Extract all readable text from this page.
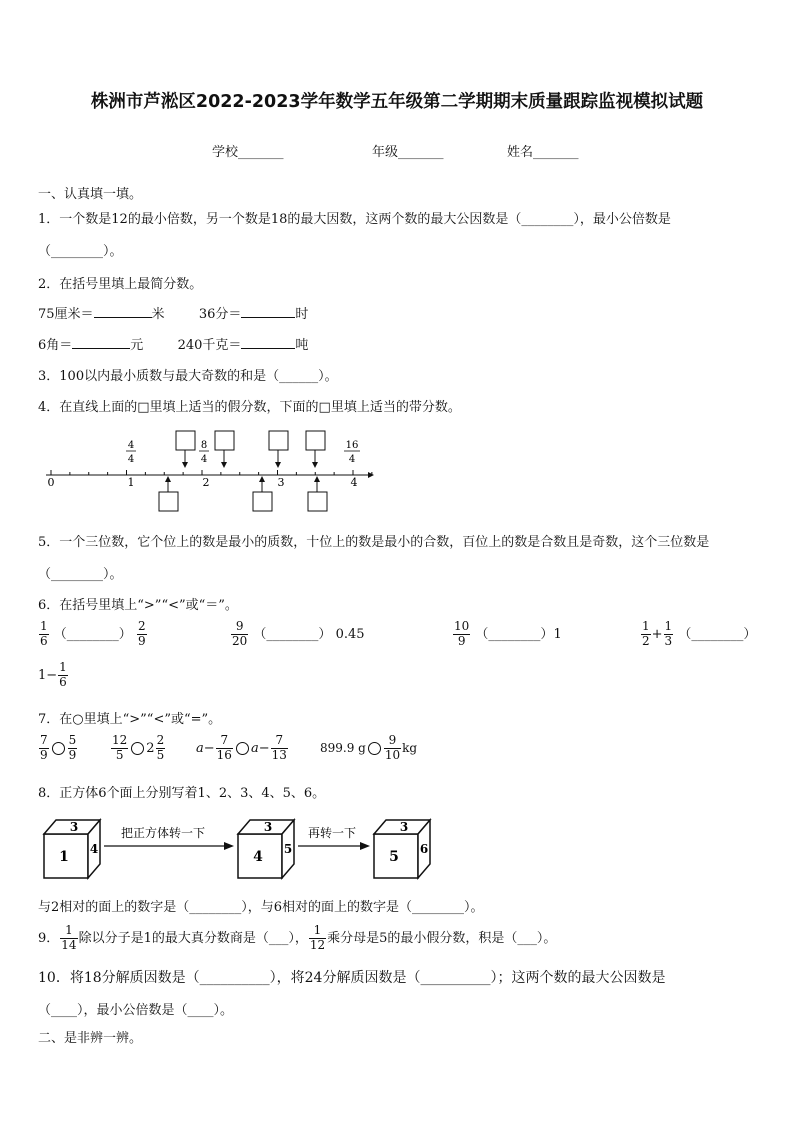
株洲市芦淞区2022-2023学年数学五年级第二学期期末质量跟踪监视模拟试题
学校_______	年级_______	姓名_______
一、认真填一填。
1．一个数是12的最小倍数，另一个数是18的最大因数，这两个数的最大公因数是（________），最小公倍数是
（________）。
2．在括号里填上最简分数。
75厘米＝	米	36分＝	时
6角＝	元	240千克＝	吨
3．100以内最小质数与最大奇数的和是（______）。
4．在直线上面的□里填上适当的假分数，下面的□里填上适当的带分数。
0	1	2	3	4
4
4
8
4
16
4
5．一个三位数，它个位上的数是最小的质数，十位上的数是最小的合数，百位上的数是合数且是奇数，这个三位数是
（________）。
6．在括号里填上“>”“<”或“＝”。
$\frac{1}{6}$ （________） $\frac{2}{9}$	$\frac{9}{20}$ （________） 0.45	$\frac{10}{9}$ （________）1	$\frac{1}{2} + \frac{1}{3}$ （________）
$1- \frac{1}{6}$
7．在○里填上“>”“<”或“=”。
$\frac{7}{9} \frac{5}{9}$	$\frac{12}{5} 2 \frac{2}{5} a- \frac{7}{16} a- \frac{7}{13}$	899.9 g $\frac{9}{10}$ kg
8．正方体6个面上分别写着1、2、3、4、5、6。
3
1 4
把正方体转一下	3
4 5
再转一下	3
5 6
与2相对的面上的数字是（________），与6相对的面上的数字是（________）。
9． $\frac{1}{14}$ 除以分子是1的最大真分数商是（___）， $\frac{1}{12}$ 乘分母是5的最小假分数，积是（___）。
10．将18分解质因数是（__________），将24分解质因数是（__________）；这两个数的最大公因数是
（____），最小公倍数是（____）。
二、是非辨一辨。
